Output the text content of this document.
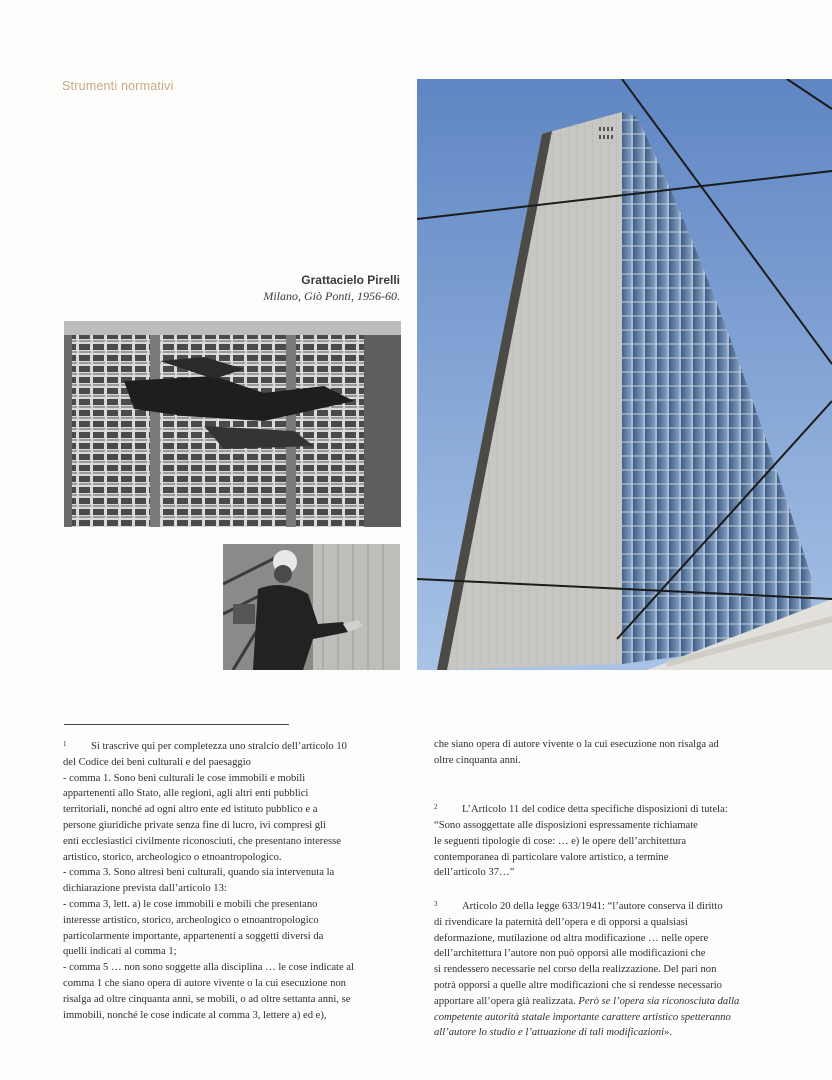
Strumenti normativi
Grattacielo Pirelli
Milano, Giò Ponti, 1956-60.

1 Si trascrive qui per completezza uno stralcio dell’articolo 10

del Codice dei beni culturali e del paesaggio

- comma 1. Sono beni culturali le cose immobili e mobili

appartenenti allo Stato, alle regioni, agli altri enti pubblici

territoriali, nonché ad ogni altro ente ed istituto pubblico e a

persone giuridiche private senza fine di lucro, ivi compresi gli

enti ecclesiastici civilmente riconosciuti, che presentano interesse

artistico, storico, archeologico o etnoantropologico.

- comma 3. Sono altresì beni culturali, quando sia intervenuta la

dichiarazione prevista dall’articolo 13:

- comma 3, lett. a) le cose immobili e mobili che presentano

interesse artistico, storico, archeologico o etnoantropologico

particolarmente importante, appartenenti a soggetti diversi da

quelli indicati al comma 1;

- comma 5 … non sono soggette alla disciplina … le cose indicate al

comma 1 che siano opera di autore vivente o la cui esecuzione non

risalga ad oltre cinquanta anni, se mobili, o ad oltre settanta anni, se

immobili, nonché le cose indicate al comma 3, lettere a) ed e),

che siano opera di autore vivente o la cui esecuzione non risalga ad

oltre cinquanta anni.

2 L’Articolo 11 del codice detta specifiche disposizioni di tutela:

“Sono assoggettate alle disposizioni espressamente richiamate

le seguenti tipologie di cose: … e) le opere dell’architettura

contemporanea di particolare valore artistico, a termine

dell’articolo 37…”

3 Articolo 20 della legge 633/1941: “l’autore conserva il diritto

di rivendicare la paternità dell’opera e di opporsi a qualsiasi

deformazione, mutilazione od altra modificazione … nelle opere

dell’architettura l’autore non può opporsi alle modificazioni che

si rendessero necessarie nel corso della realizzazione. Del pari non

potrà opporsi a quelle altre modificazioni che si rendesse necessario

apportare all’opera già realizzata. Però se l’opera sia riconosciuta dalla

competente autorità statale importante carattere artistico spetteranno

all’autore lo studio e l’attuazione di tali modificazioni».
